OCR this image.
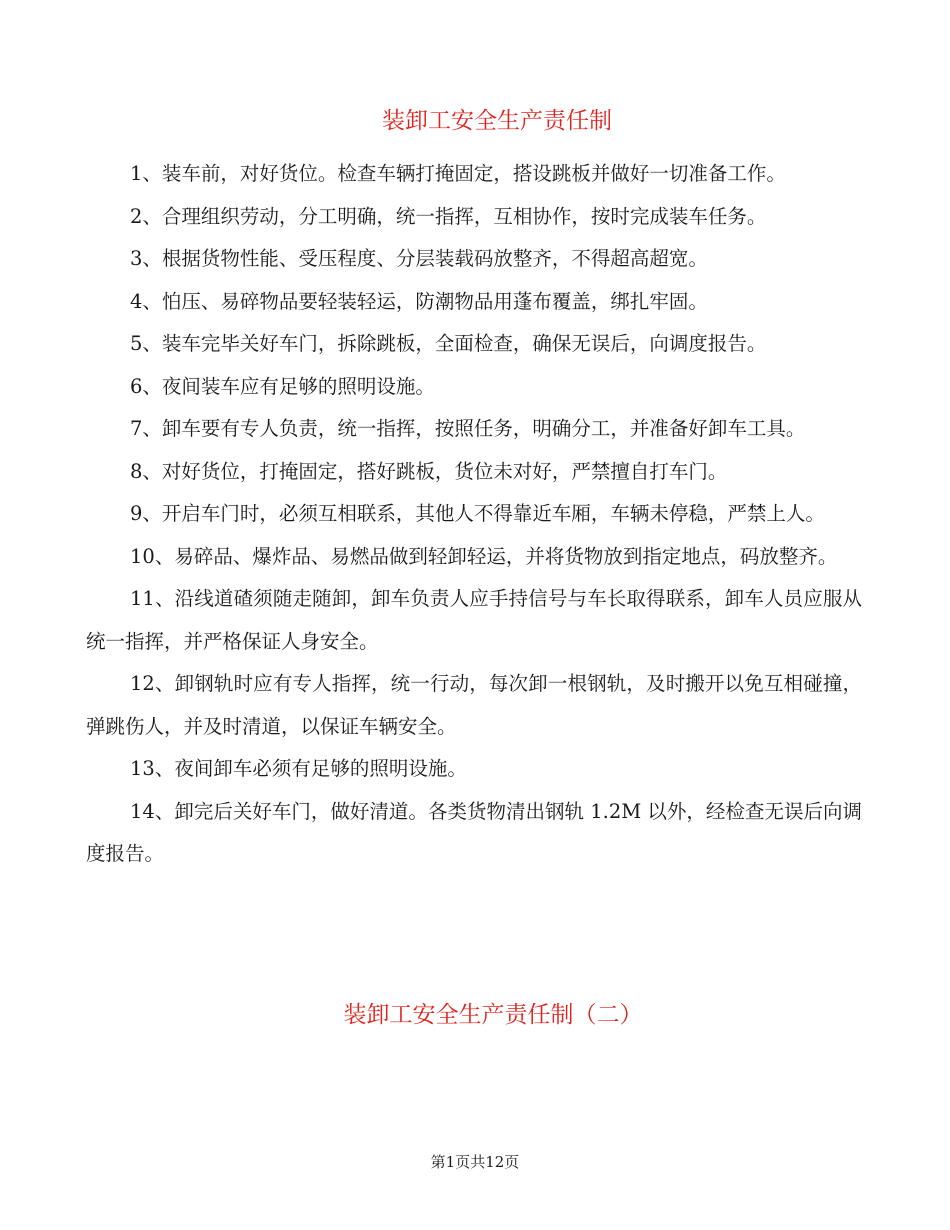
装卸工安全生产责任制

1、装车前，对好货位。检查车辆打掩固定，搭设跳板并做好一切准备工作。

2、合理组织劳动，分工明确，统一指挥，互相协作，按时完成装车任务。

3、根据货物性能、受压程度、分层装载码放整齐，不得超高超宽。

4、怕压、易碎物品要轻装轻运，防潮物品用蓬布覆盖，绑扎牢固。

5、装车完毕关好车门，拆除跳板，全面检查，确保无误后，向调度报告。

6、夜间装车应有足够的照明设施。

7、卸车要有专人负责，统一指挥，按照任务，明确分工，并准备好卸车工具。

8、对好货位，打掩固定，搭好跳板，货位未对好，严禁擅自打车门。

9、开启车门时，必须互相联系，其他人不得靠近车厢，车辆未停稳，严禁上人。

10、易碎品、爆炸品、易燃品做到轻卸轻运，并将货物放到指定地点，码放整齐。

11、沿线道碴须随走随卸，卸车负责人应手持信号与车长取得联系，卸车人员应服从统一指挥，并严格保证人身安全。

12、卸钢轨时应有专人指挥，统一行动，每次卸一根钢轨，及时搬开以免互相碰撞，弹跳伤人，并及时清道，以保证车辆安全。

13、夜间卸车必须有足够的照明设施。

14、卸完后关好车门，做好清道。各类货物清出钢轨 1.2M 以外，经检查无误后向调度报告。

装卸工安全生产责任制（二）
第1页共12页
